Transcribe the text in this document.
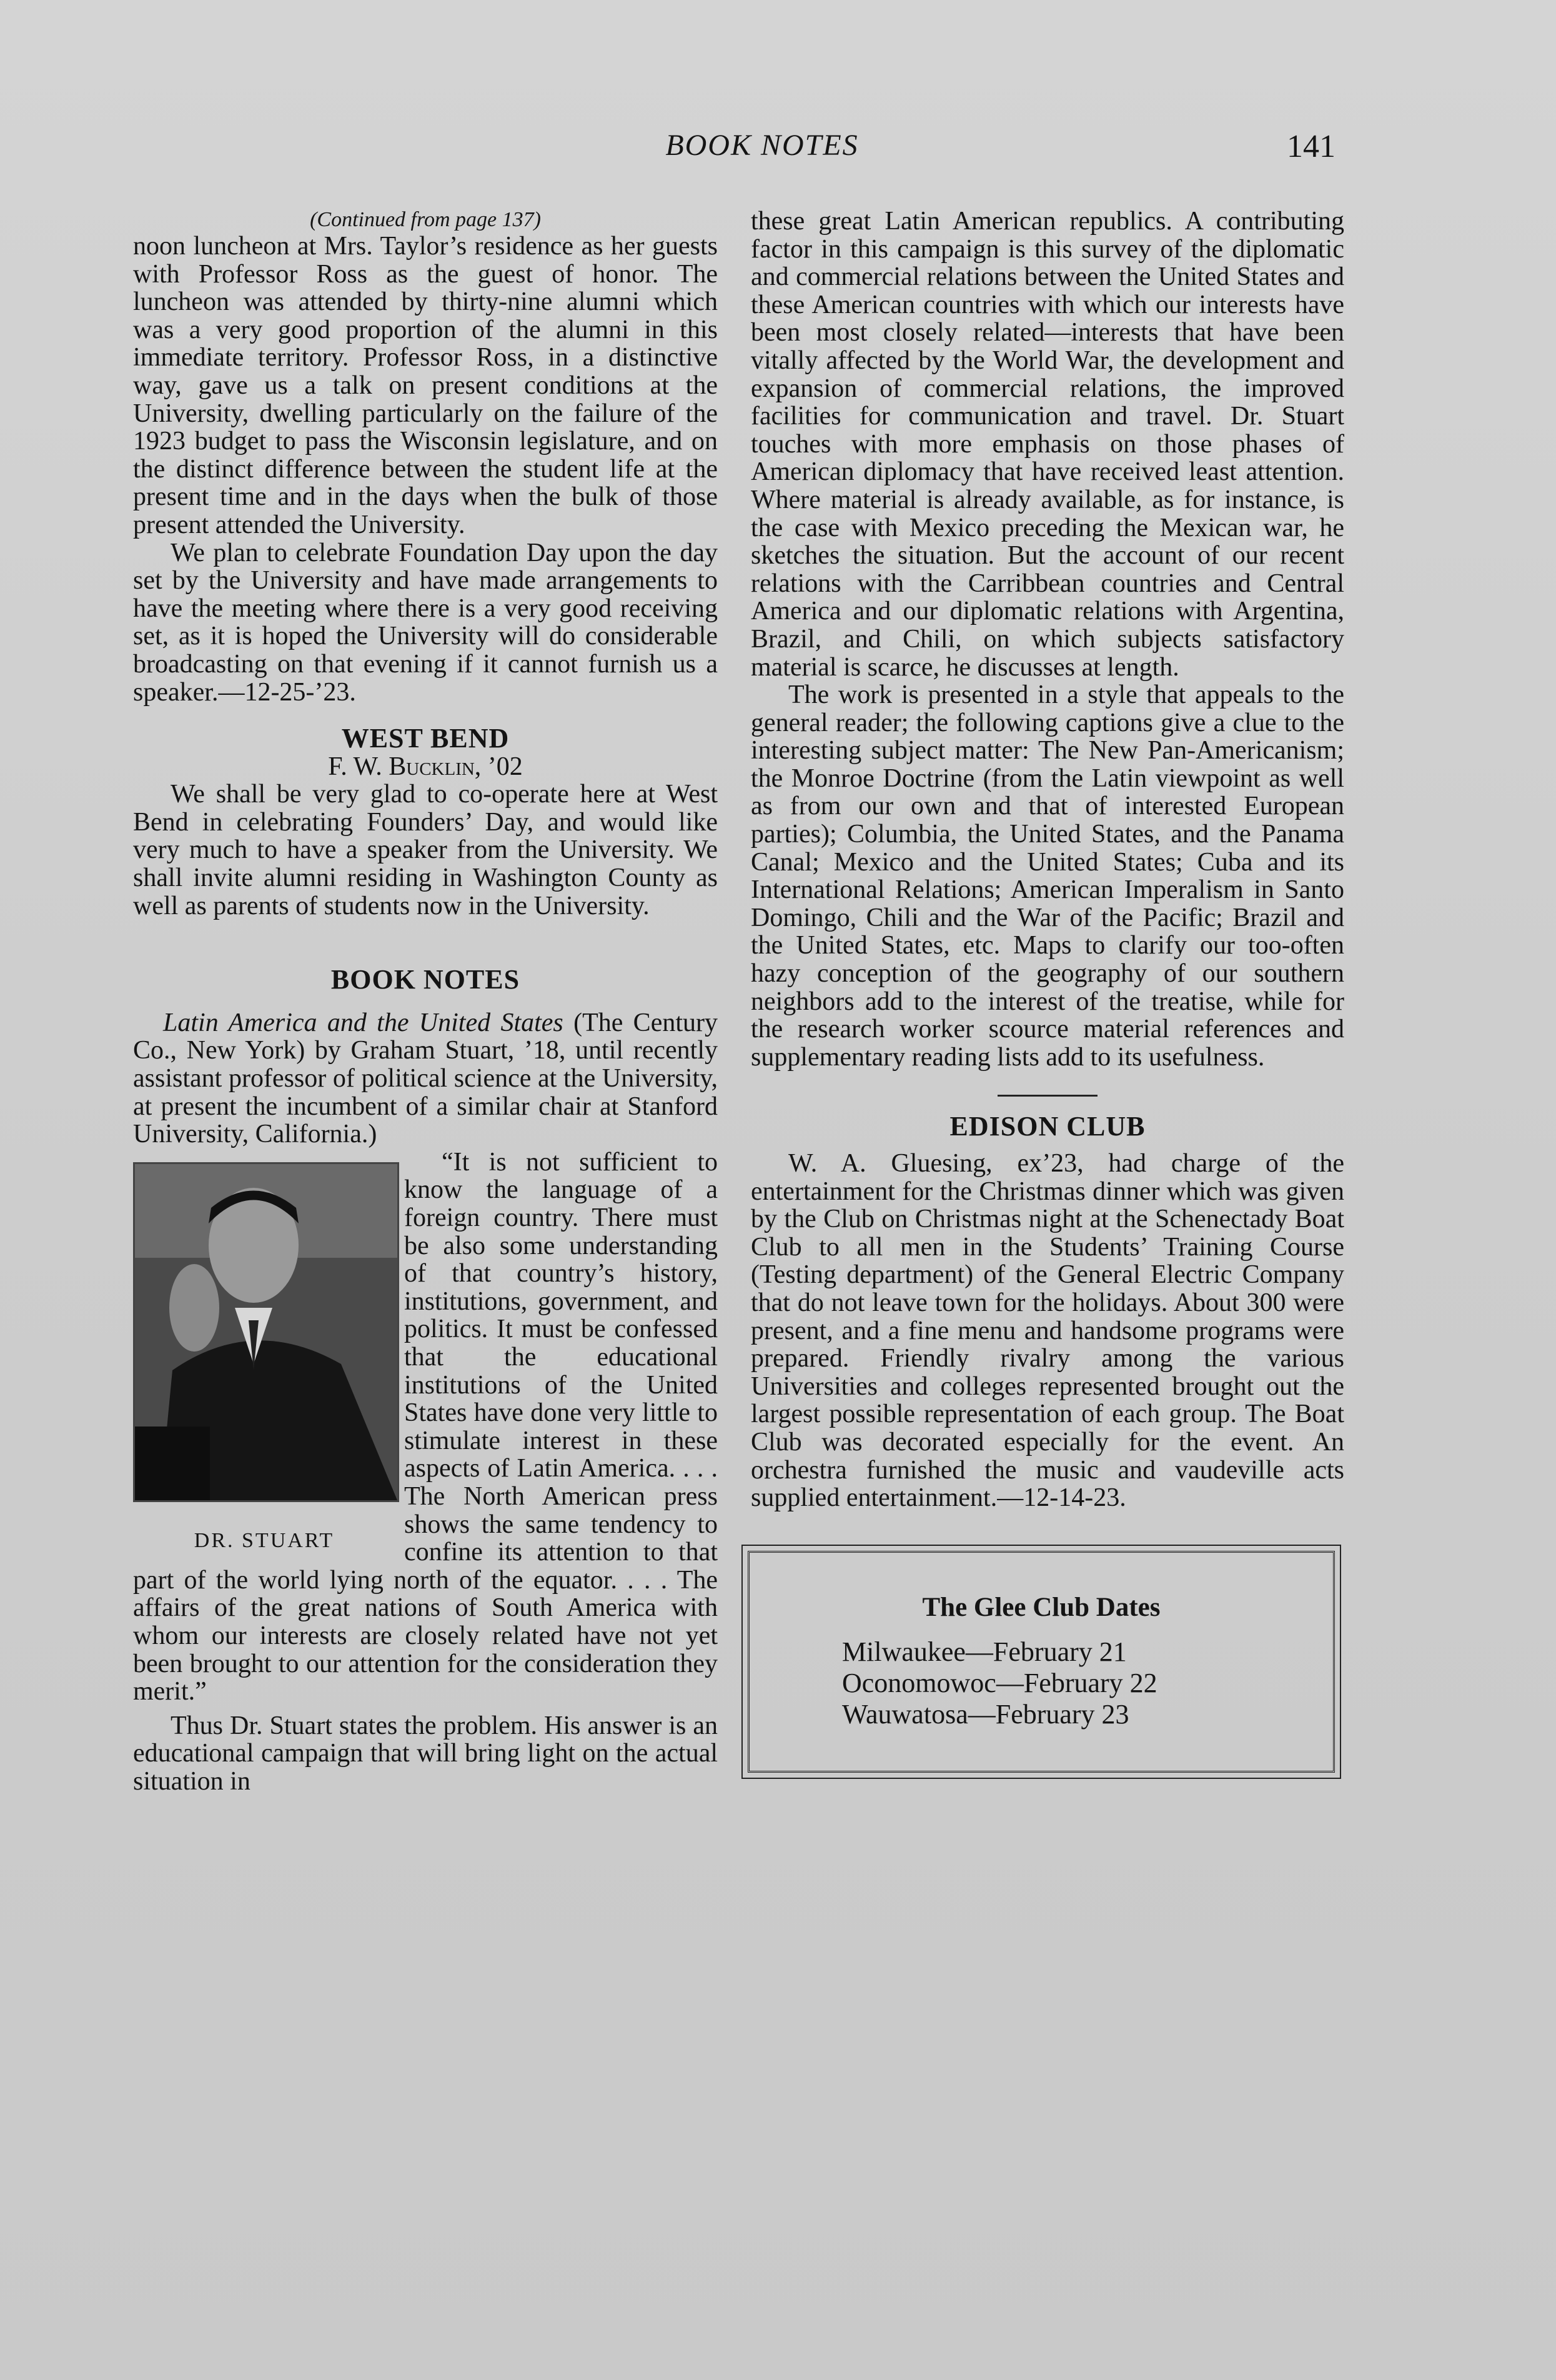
BOOK NOTES	141

(Continued from page 137)

noon luncheon at Mrs. Taylor’s residence as her guests with Professor Ross as the guest of honor. The luncheon was attended by thirty-nine alumni which was a very good proportion of the alumni in this immediate territory. Professor Ross, in a distinctive way, gave us a talk on present conditions at the University, dwelling particularly on the failure of the 1923 budget to pass the Wisconsin legislature, and on the distinct difference between the student life at the present time and in the days when the bulk of those present attended the University.

We plan to celebrate Foundation Day upon the day set by the University and have made arrangements to have the meeting where there is a very good receiving set, as it is hoped the University will do considerable broadcasting on that evening if it cannot furnish us a speaker.—12-25-’23.

WEST BEND

F. W. Bucklin, ’02

We shall be very glad to co-operate here at West Bend in celebrating Founders’ Day, and would like very much to have a speaker from the University. We shall invite alumni residing in Washington County as well as parents of students now in the University.

BOOK NOTES

Latin America and the United States (The Century Co., New York) by Graham Stuart, ’18, until recently assistant professor of political science at the University, at present the incumbent of a similar chair at Stanford University, California.)

DR. STUART

“It is not sufficient to know the language of a foreign country. There must be also some understanding of that country’s history, institutions, government, and politics. It must be confessed that the educational institutions of the United States have done very little to stimulate interest in these aspects of Latin America. . . . The North American press shows the same tendency to confine its attention to that part of the world lying north of the equator. . . . The affairs of the great nations of South America with whom our interests are closely related have not yet been brought to our attention for the consideration they merit.”

Thus Dr. Stuart states the problem. His answer is an educational campaign that will bring light on the actual situation in

these great Latin American republics. A contributing factor in this campaign is this survey of the diplomatic and commercial relations between the United States and these American countries with which our interests have been most closely related—interests that have been vitally affected by the World War, the development and expansion of commercial relations, the improved facilities for communication and travel. Dr. Stuart touches with more emphasis on those phases of American diplomacy that have received least attention. Where material is already available, as for instance, is the case with Mexico preceding the Mexican war, he sketches the situation. But the account of our recent relations with the Carribbean countries and Central America and our diplomatic relations with Argentina, Brazil, and Chili, on which subjects satisfactory material is scarce, he discusses at length.

The work is presented in a style that appeals to the general reader; the following captions give a clue to the interesting subject matter: The New Pan-Americanism; the Monroe Doctrine (from the Latin viewpoint as well as from our own and that of interested European parties); Columbia, the United States, and the Panama Canal; Mexico and the United States; Cuba and its International Relations; American Imperalism in Santo Domingo, Chili and the War of the Pacific; Brazil and the United States, etc. Maps to clarify our too-often hazy conception of the geography of our southern neighbors add to the interest of the treatise, while for the research worker scource material references and supplementary reading lists add to its usefulness.

EDISON CLUB

W. A. Gluesing, ex’23, had charge of the entertainment for the Christmas dinner which was given by the Club on Christmas night at the Schenectady Boat Club to all men in the Students’ Training Course (Testing department) of the General Electric Company that do not leave town for the holidays. About 300 were present, and a fine menu and handsome programs were prepared. Friendly rivalry among the various Universities and colleges represented brought out the largest possible representation of each group. The Boat Club was decorated especially for the event. An orchestra furnished the music and vaudeville acts supplied entertainment.—12-14-23.

The Glee Club Dates
Milwaukee—February 21
Oconomowoc—February 22
Wauwatosa—February 23
